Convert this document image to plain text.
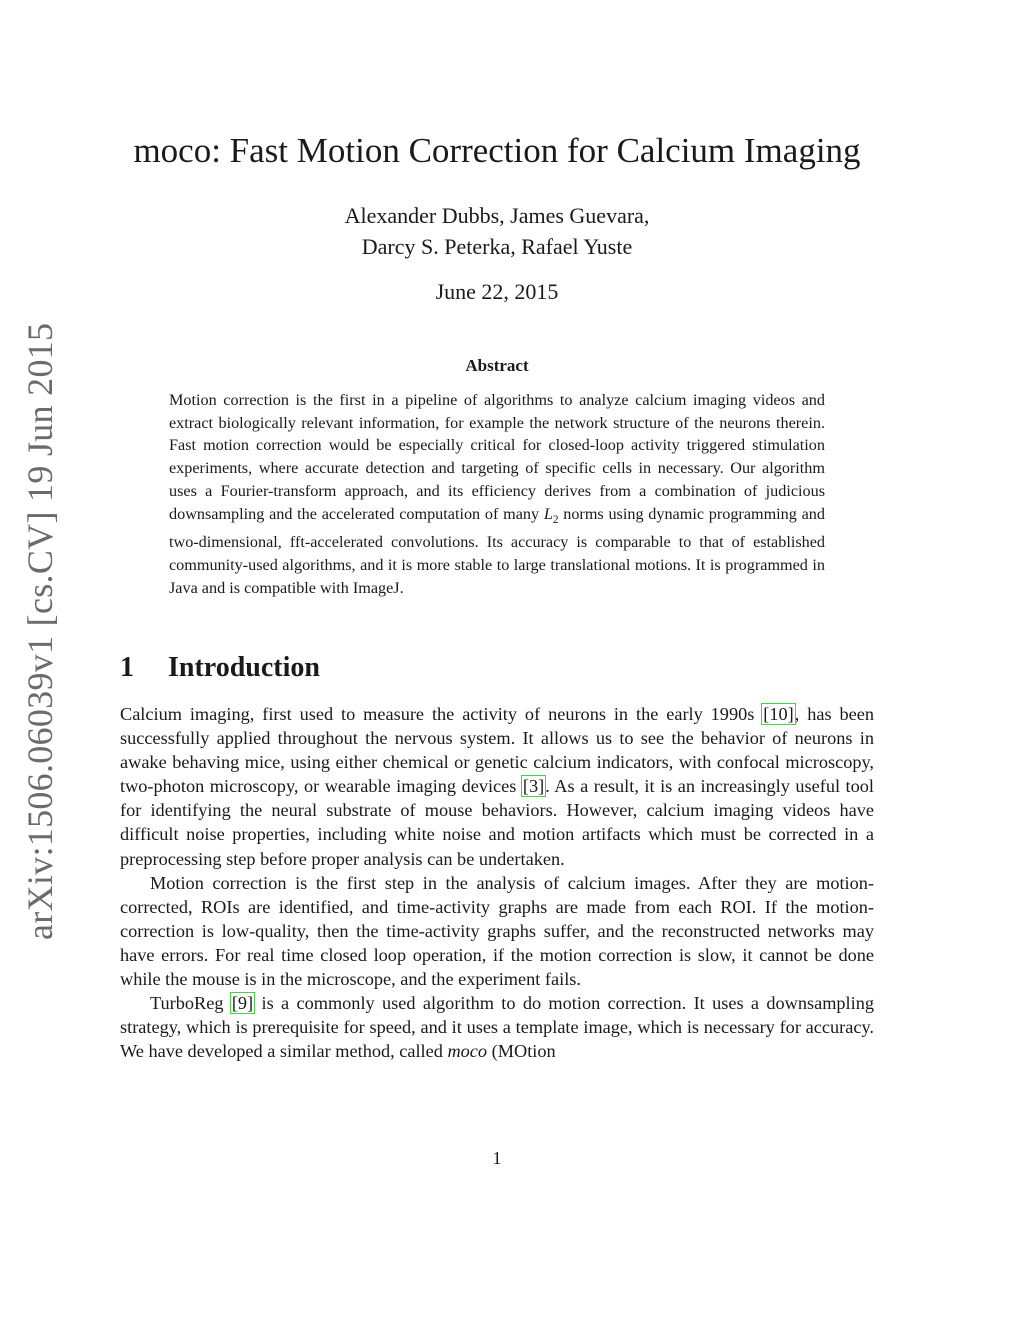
arXiv:1506.06039v1 [cs.CV] 19 Jun 2015
moco: Fast Motion Correction for Calcium Imaging
Alexander Dubbs, James Guevara,
Darcy S. Peterka, Rafael Yuste
June 22, 2015
Abstract

Motion correction is the first in a pipeline of algorithms to analyze calcium imaging videos and extract biologically relevant information, for example the network structure of the neurons therein. Fast motion correction would be especially critical for closed-loop activity triggered stimulation experiments, where accurate detection and targeting of specific cells in necessary. Our algorithm uses a Fourier-transform approach, and its efficiency derives from a combination of judicious downsampling and the accelerated computation of many $L_2$ norms using dynamic programming and two-dimensional, fft-accelerated convolutions. Its accuracy is comparable to that of established community-used algorithms, and it is more stable to large translational motions. It is programmed in Java and is compatible with ImageJ.

1 Introduction

Calcium imaging, first used to measure the activity of neurons in the early 1990s [10], has been successfully applied throughout the nervous system. It allows us to see the behavior of neurons in awake behaving mice, using either chemical or genetic calcium indicators, with confocal microscopy, two-photon microscopy, or wearable imaging devices [3]. As a result, it is an increasingly useful tool for identifying the neural substrate of mouse behaviors. However, calcium imaging videos have difficult noise properties, including white noise and motion artifacts which must be corrected in a preprocessing step before proper analysis can be undertaken.

Motion correction is the first step in the analysis of calcium images. After they are motion-corrected, ROIs are identified, and time-activity graphs are made from each ROI. If the motion-correction is low-quality, then the time-activity graphs suffer, and the reconstructed networks may have errors. For real time closed loop operation, if the motion correction is slow, it cannot be done while the mouse is in the microscope, and the experiment fails.

TurboReg [9] is a commonly used algorithm to do motion correction. It uses a downsampling strategy, which is prerequisite for speed, and it uses a template image, which is necessary for accuracy. We have developed a similar method, called moco (MOtion

1
